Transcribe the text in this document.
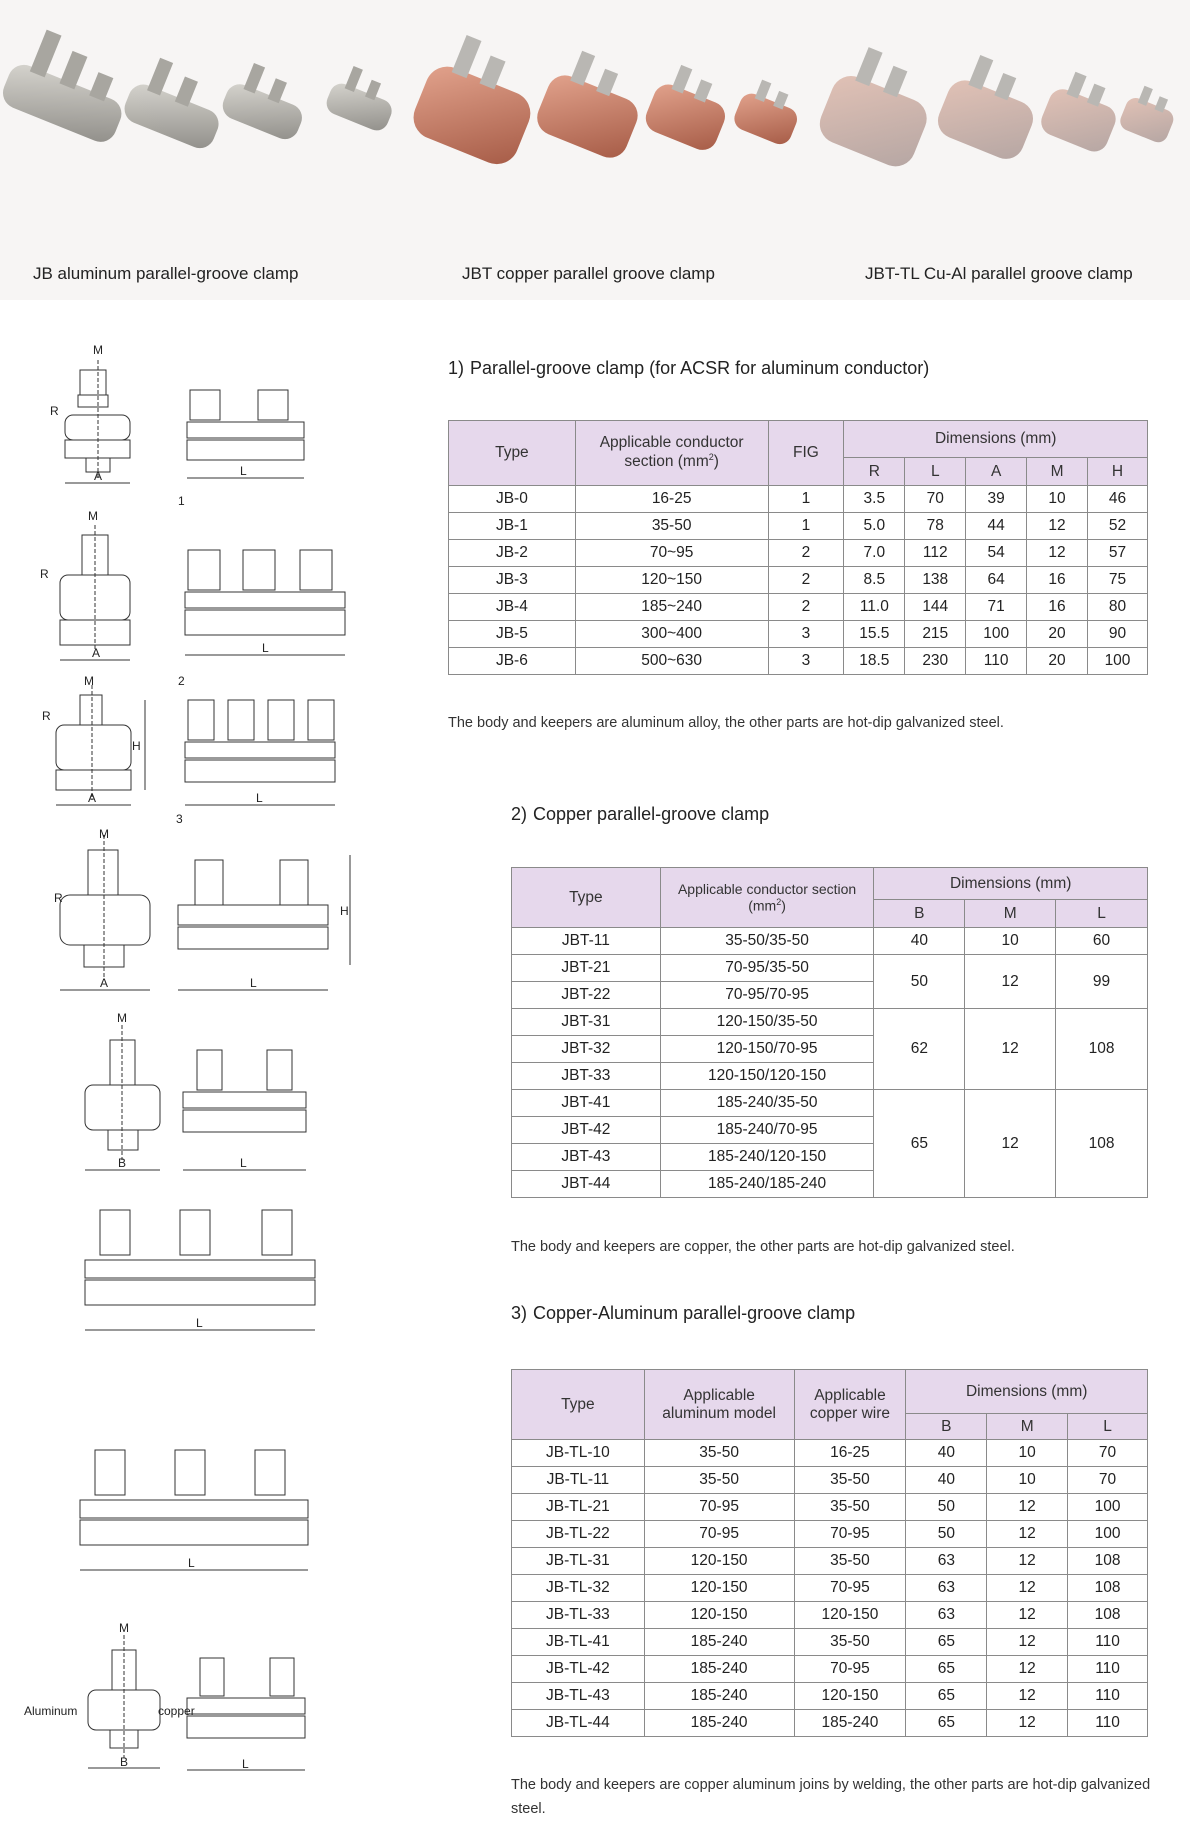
JB aluminum parallel-groove clamp	JBT copper parallel groove clamp	JBT-TL Cu-Al parallel groove clamp
M
R
A	L
1
M
R
A	L
2
M
R
H
A	L
3
M
R
A	L
H
M
B	L
L
L
M
Aluminum	copper
B	L
1) Parallel-groove clamp (for ACSR for aluminum conductor)
Type	Applicable conductor
section $(mm^2)$	FIG	Dimensions (mm)				
			R	L	A	M	H
JB-0	16-25	1	3.5	70	39	10	46
JB-1	35-50	1	5.0	78	44	12	52
JB-2	70~95	2	7.0	112	54	12	57
JB-3	120~150	2	8.5	138	64	16	75
JB-4	185~240	2	11.0	144	71	16	80
JB-5	300~400	3	15.5	215	100	20	90
JB-6	500~630	3	18.5	230	110	20	100
The body and keepers are aluminum alloy, the other parts are hot-dip galvanized steel.
2) Copper parallel-groove clamp
Type	Applicable conductor section $(mm^2)$	Dimensions (mm)		
		B	M	L
JBT-11	35-50/35-50	40	10	60
JBT-21	70-95/35-50	50	12	99
JBT-22	70-95/70-95			
JBT-31	120-150/35-50	62	12	108
JBT-32	120-150/70-95			
JBT-33	120-150/120-150			
JBT-41	185-240/35-50	65	12	108
JBT-42	185-240/70-95			
JBT-43	185-240/120-150			
JBT-44	185-240/185-240			
The body and keepers are copper, the other parts are hot-dip galvanized steel.
3) Copper-Aluminum parallel-groove clamp
Type	Applicable
aluminum model	Applicable
copper wire	Dimensions (mm)		
			B	M	L
JB-TL-10	35-50	16-25	40	10	70
JB-TL-11	35-50	35-50	40	10	70
JB-TL-21	70-95	35-50	50	12	100
JB-TL-22	70-95	70-95	50	12	100
JB-TL-31	120-150	35-50	63	12	108
JB-TL-32	120-150	70-95	63	12	108
JB-TL-33	120-150	120-150	63	12	108
JB-TL-41	185-240	35-50	65	12	110
JB-TL-42	185-240	70-95	65	12	110
JB-TL-43	185-240	120-150	65	12	110
JB-TL-44	185-240	185-240	65	12	110
The body and keepers are copper aluminum joins by welding, the other parts are hot-dip galvanized steel.
